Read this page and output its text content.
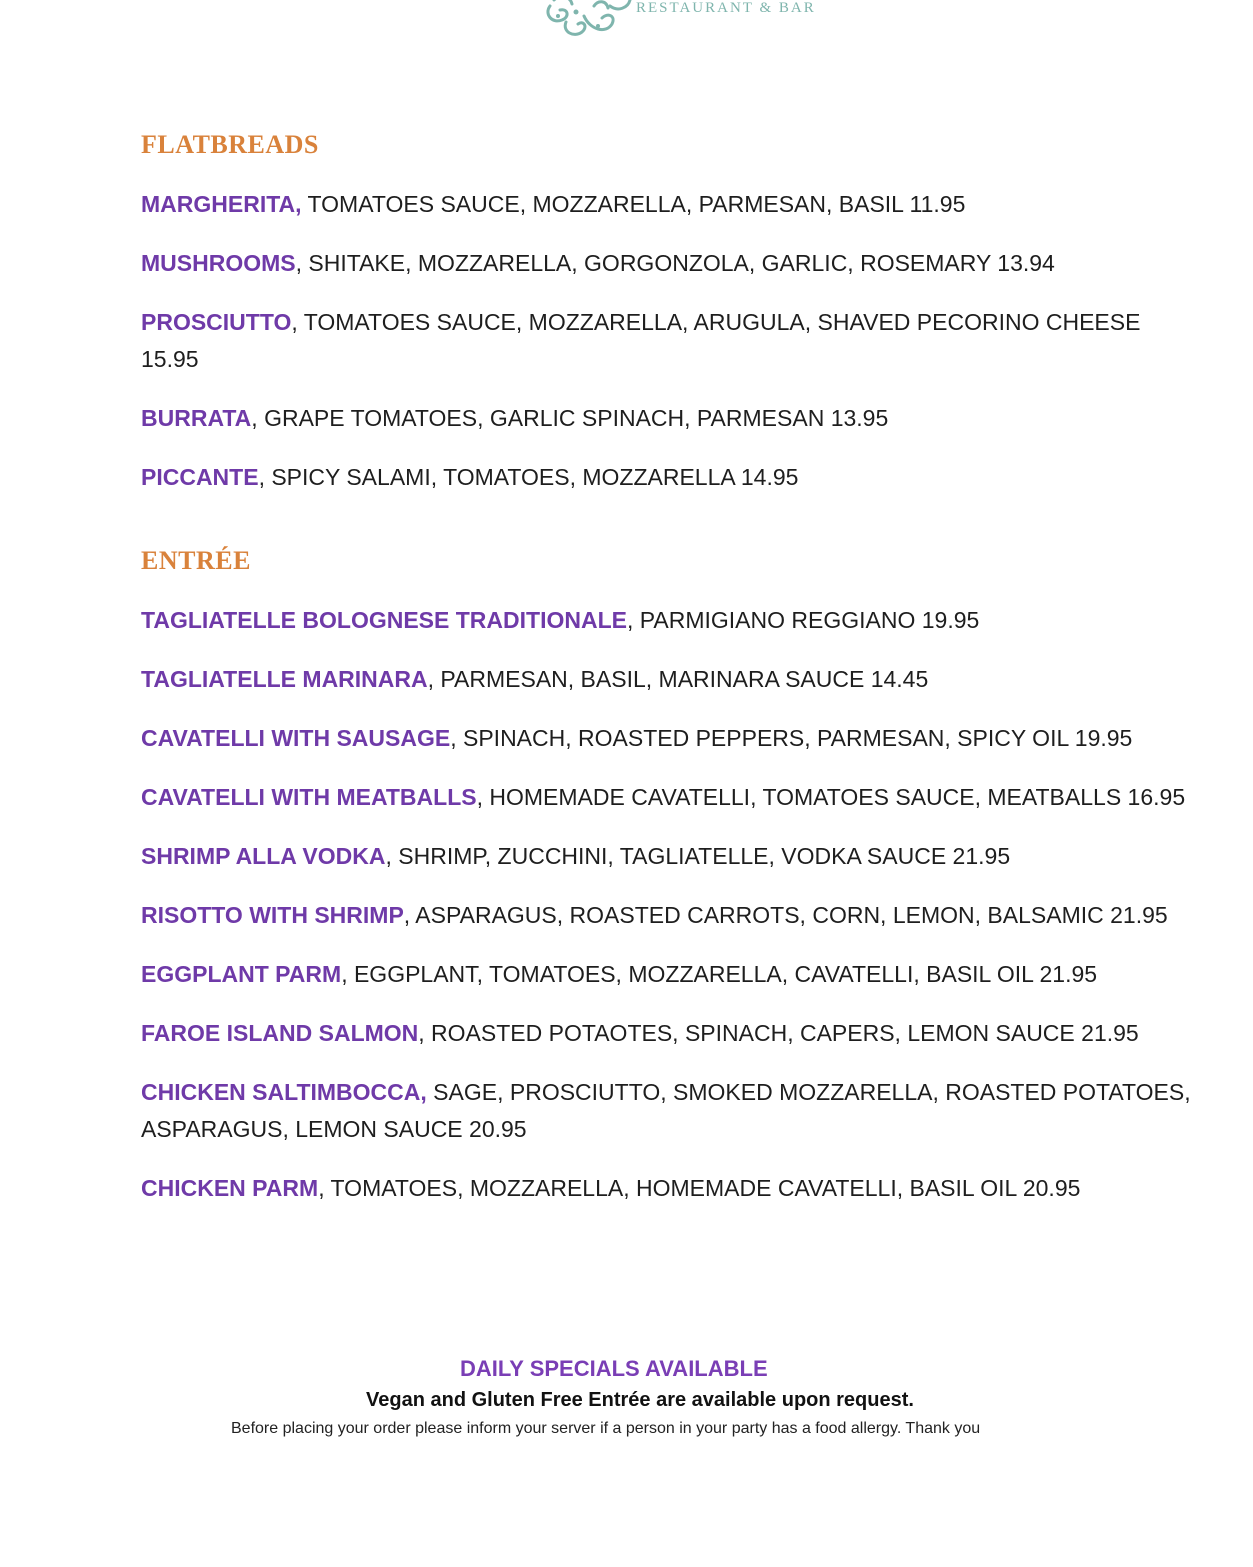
RESTAURANT & BAR
FLATBREADS
MARGHERITA, TOMATOES SAUCE, MOZZARELLA, PARMESAN, BASIL 11.95
MUSHROOMS, SHITAKE, MOZZARELLA, GORGONZOLA, GARLIC, ROSEMARY 13.94
PROSCIUTTO, TOMATOES SAUCE, MOZZARELLA, ARUGULA, SHAVED PECORINO CHEESE 15.95
BURRATA, GRAPE TOMATOES, GARLIC SPINACH, PARMESAN 13.95
PICCANTE, SPICY SALAMI, TOMATOES, MOZZARELLA 14.95
ENTRÉE
TAGLIATELLE BOLOGNESE TRADITIONALE, PARMIGIANO REGGIANO 19.95
TAGLIATELLE MARINARA, PARMESAN, BASIL, MARINARA SAUCE 14.45
CAVATELLI WITH SAUSAGE, SPINACH, ROASTED PEPPERS, PARMESAN, SPICY OIL 19.95
CAVATELLI WITH MEATBALLS, HOMEMADE CAVATELLI, TOMATOES SAUCE, MEATBALLS 16.95
SHRIMP ALLA VODKA, SHRIMP, ZUCCHINI, TAGLIATELLE, VODKA SAUCE 21.95
RISOTTO WITH SHRIMP, ASPARAGUS, ROASTED CARROTS, CORN, LEMON, BALSAMIC 21.95
EGGPLANT PARM, EGGPLANT, TOMATOES, MOZZARELLA, CAVATELLI, BASIL OIL 21.95
FAROE ISLAND SALMON, ROASTED POTAOTES, SPINACH, CAPERS, LEMON SAUCE 21.95
CHICKEN SALTIMBOCCA, SAGE, PROSCIUTTO, SMOKED MOZZARELLA, ROASTED POTATOES, ASPARAGUS, LEMON SAUCE 20.95
CHICKEN PARM, TOMATOES, MOZZARELLA, HOMEMADE CAVATELLI, BASIL OIL 20.95
DAILY SPECIALS AVAILABLE
Vegan and Gluten Free Entrée are available upon request.
Before placing your order please inform your server if a person in your party has a food allergy. Thank you
